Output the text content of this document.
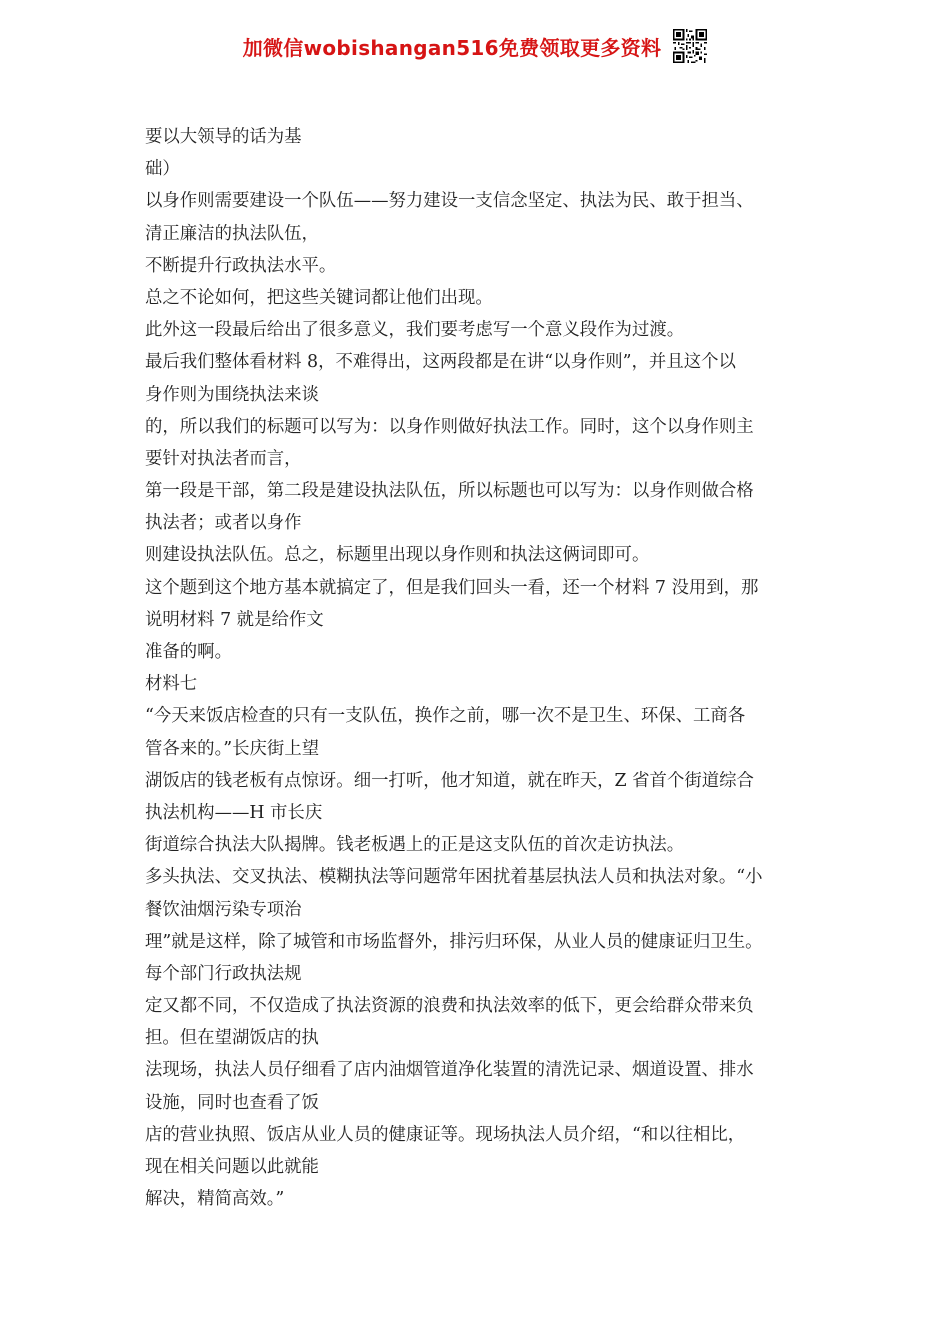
加微信wobishangan516免费领取更多资料
要以大领导的话为基
础）
以身作则需要建设一个队伍——努力建设一支信念坚定、执法为民、敢于担当、
清正廉洁的执法队伍，
不断提升行政执法水平。
总之不论如何，把这些关键词都让他们出现。
此外这一段最后给出了很多意义，我们要考虑写一个意义段作为过渡。
最后我们整体看材料 8，不难得出，这两段都是在讲“以身作则”，并且这个以
身作则为围绕执法来谈
的，所以我们的标题可以写为：以身作则做好执法工作。同时，这个以身作则主
要针对执法者而言，
第一段是干部，第二段是建设执法队伍，所以标题也可以写为：以身作则做合格
执法者；或者以身作
则建设执法队伍。总之，标题里出现以身作则和执法这俩词即可。
这个题到这个地方基本就搞定了，但是我们回头一看，还一个材料 7 没用到，那
说明材料 7 就是给作文
准备的啊。
材料七
“今天来饭店检查的只有一支队伍，换作之前，哪一次不是卫生、环保、工商各
管各来的。”长庆街上望
湖饭店的钱老板有点惊讶。细一打听，他才知道，就在昨天，Z 省首个街道综合
执法机构——H 市长庆
街道综合执法大队揭牌。钱老板遇上的正是这支队伍的首次走访执法。
多头执法、交叉执法、模糊执法等问题常年困扰着基层执法人员和执法对象。“小
餐饮油烟污染专项治
理”就是这样，除了城管和市场监督外，排污归环保，从业人员的健康证归卫生。
每个部门行政执法规
定又都不同，不仅造成了执法资源的浪费和执法效率的低下，更会给群众带来负
担。但在望湖饭店的执
法现场，执法人员仔细看了店内油烟管道净化装置的清洗记录、烟道设置、排水
设施，同时也查看了饭
店的营业执照、饭店从业人员的健康证等。现场执法人员介绍，“和以往相比，
现在相关问题以此就能
解决，精简高效。”
